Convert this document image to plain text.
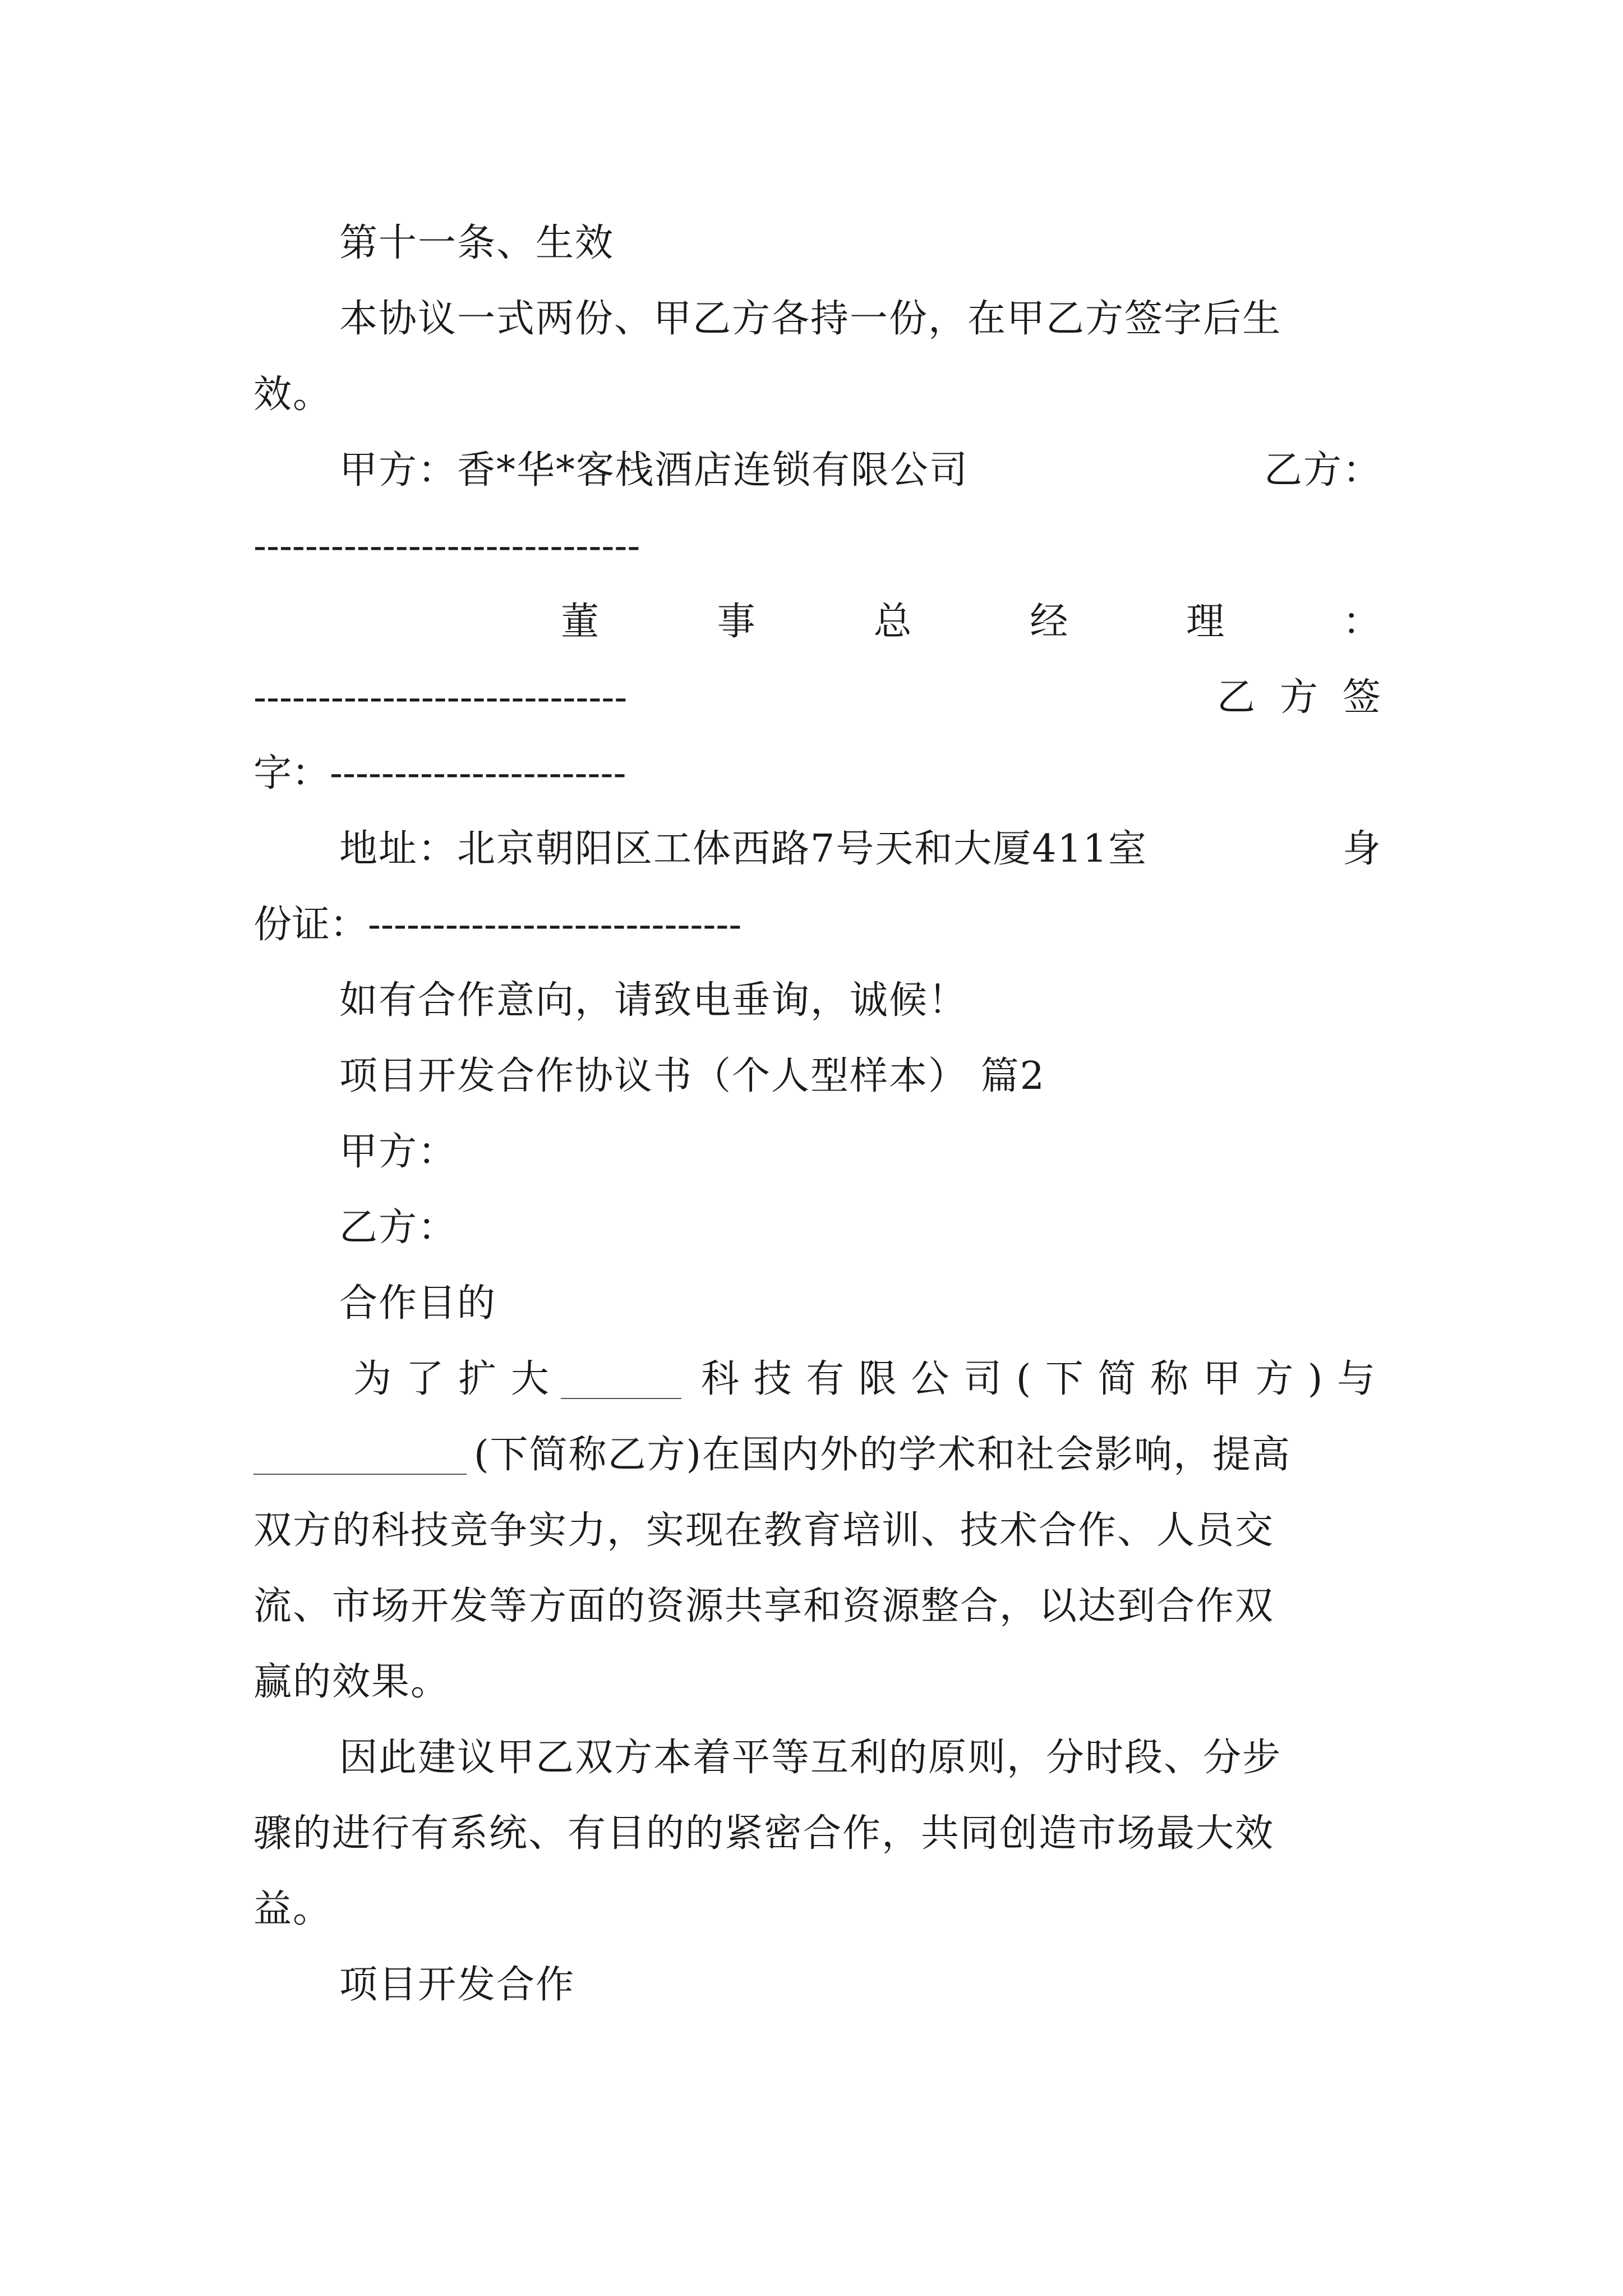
第十一条、生效
本协议一式两份、甲乙方各持一份，在甲乙方签字后生
效。
甲方：香*华*客栈酒店连锁有限公司	乙方：
------------------------------
董	事	总	经	理	：
-----------------------------	乙 方 签
字：-----------------------
地址：北京朝阳区工体西路7号天和大厦411室	身
份证：-----------------------------
如有合作意向，请致电垂询，诚候！
项目开发合作协议书（个人型样本） 篇2
甲方：
乙方：
合作目的
为 了 扩 大	科 技 有 限 公 司 ( 下 简 称 甲 方 ) 与
(下简称乙方)在国内外的学术和社会影响，提高
双方的科技竞争实力，实现在教育培训、技术合作、人员交
流、市场开发等方面的资源共享和资源整合，以达到合作双
赢的效果。
因此建议甲乙双方本着平等互利的原则，分时段、分步
骤的进行有系统、有目的的紧密合作，共同创造市场最大效
益。
项目开发合作
